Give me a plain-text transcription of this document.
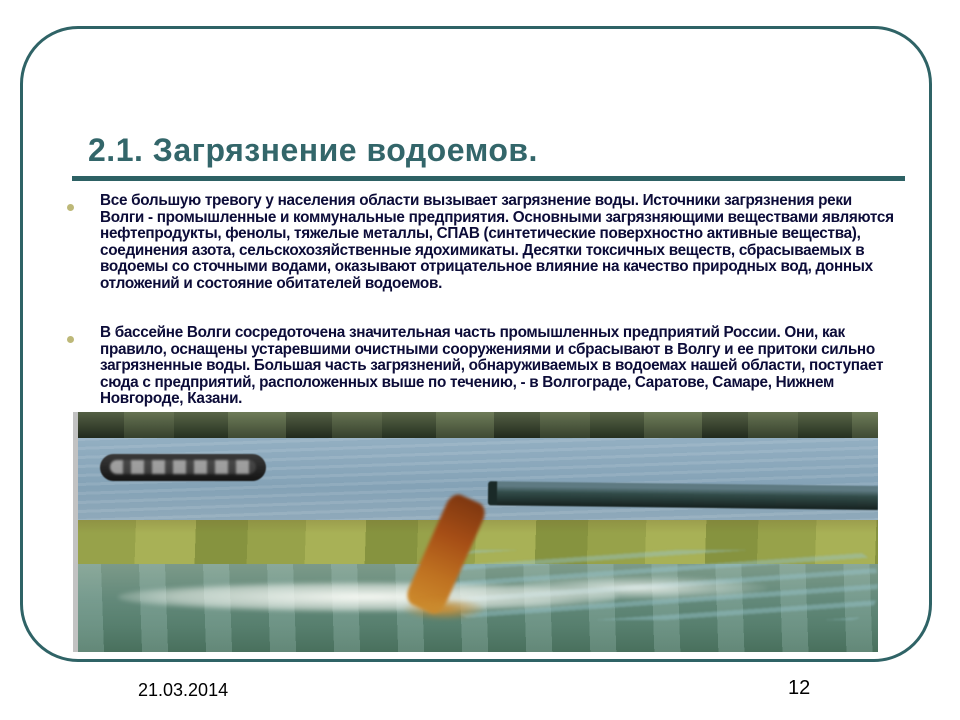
2.1. Загрязнение водоемов.
Все большую тревогу у населения области вызывает загрязнение воды. Источники загрязнения реки Волги - промышленные и коммунальные предприятия. Основными загрязняющими веществами являются нефтепродукты, фенолы, тяжелые металлы, СПАВ (синтетические поверхностно активные вещества), соединения азота, сельскохозяйственные ядохимикаты. Десятки токсичных веществ, сбрасываемых в водоемы со сточными водами, оказывают отрицательное влияние на качество природных вод, донных отложений и состояние обитателей водоемов.
В бассейне Волги сосредоточена значительная часть промышленных предприятий России. Они, как правило, оснащены устаревшими очистными сооружениями и сбрасывают в Волгу и ее притоки сильно загрязненные воды. Большая часть загрязнений, обнаруживаемых в водоемах нашей области, поступает сюда с предприятий, расположенных выше по течению, - в Волгограде, Саратове, Самаре, Нижнем Новгороде, Казани.
21.03.2014	12
